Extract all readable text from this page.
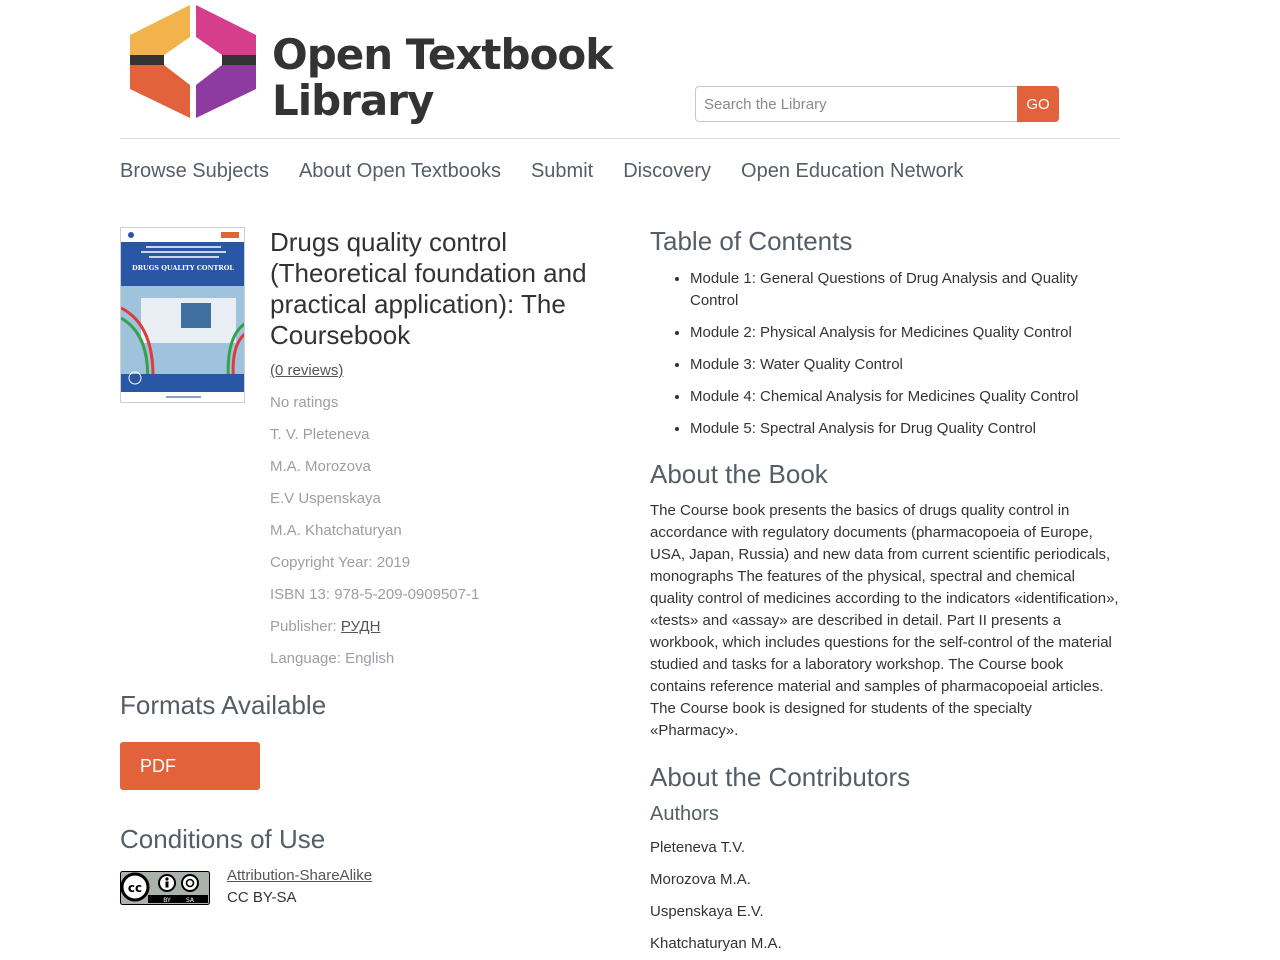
Open Textbook
Library
Search the Library	GO
Browse Subjects About Open Textbooks Submit Discovery Open Education Network
DRUGS QUALITY CONTROL
Drugs quality control (Theoretical foundation and practical application): The Coursebook
(0 reviews)
No ratings
T. V. Pleteneva
M.A. Morozova
E.V Uspenskaya
M.A. Khatchaturyan
Copyright Year: 2019
ISBN 13: 978-5-209-0909507-1
Publisher: РУДН
Language: English
Formats Available
PDF
Conditions of Use
cc
BY	SA
Attribution-ShareAlike
CC BY-SA
Table of Contents
• Module 1: General Questions of Drug Analysis and Quality Control
• Module 2: Physical Analysis for Medicines Quality Control
• Module 3: Water Quality Control
• Module 4: Chemical Analysis for Medicines Quality Control
• Module 5: Spectral Analysis for Drug Quality Control
About the Book

The Course book presents the basics of drugs quality control in accordance with regulatory documents (pharmacopoeia of Europe, USA, Japan, Russia) and new data from current scientific periodicals, monographs The features of the physical, spectral and chemical quality control of medicines according to the indicators «identification», «tests» and «assay» are described in detail. Part II presents a workbook, which includes questions for the self-control of the material studied and tasks for a laboratory workshop. The Course book contains reference material and samples of pharmacopoeial articles. The Course book is designed for students of the specialty «Pharmacy».

About the Contributors
Authors
Pleteneva T.V.
Morozova M.A.
Uspenskaya E.V.
Khatchaturyan M.A.
